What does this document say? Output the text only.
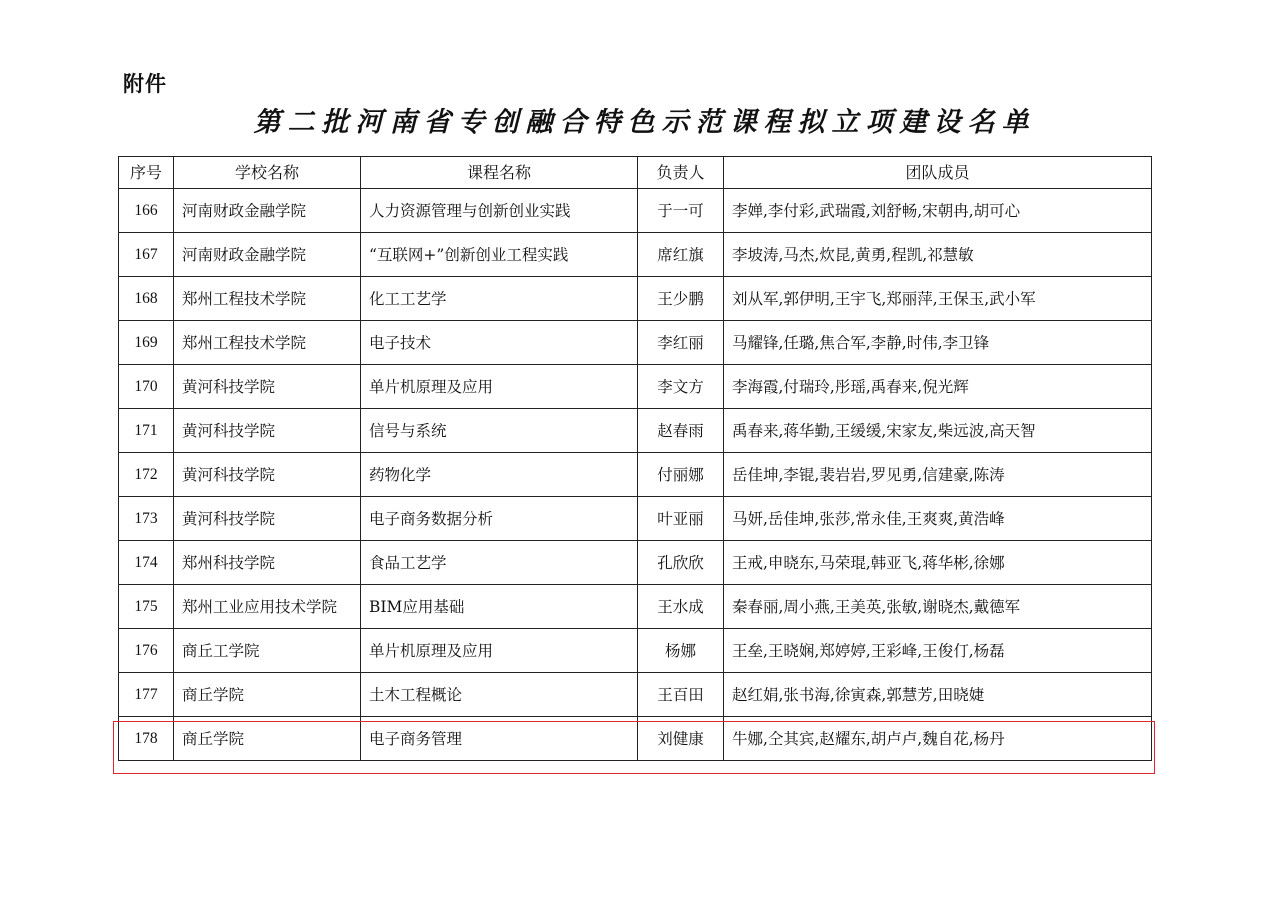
附件
第二批河南省专创融合特色示范课程拟立项建设名单
序号	学校名称	课程名称	负责人	团队成员
166	河南财政金融学院	人力资源管理与创新创业实践	于一可	李婵,李付彩,武瑞霞,刘舒畅,宋朝冉,胡可心
167	河南财政金融学院	“互联网+”创新创业工程实践	席红旗	李坡涛,马杰,炊昆,黄勇,程凯,祁慧敏
168	郑州工程技术学院	化工工艺学	王少鹏	刘从军,郭伊明,王宇飞,郑丽萍,王保玉,武小军
169	郑州工程技术学院	电子技术	李红丽	马耀锋,任璐,焦合军,李静,时伟,李卫锋
170	黄河科技学院	单片机原理及应用	李文方	李海霞,付瑞玲,彤瑶,禹春来,倪光辉
171	黄河科技学院	信号与系统	赵春雨	禹春来,蒋华勤,王缓缓,宋家友,柴远波,高天智
172	黄河科技学院	药物化学	付丽娜	岳佳坤,李锟,裴岩岩,罗见勇,信建豪,陈涛
173	黄河科技学院	电子商务数据分析	叶亚丽	马妍,岳佳坤,张莎,常永佳,王爽爽,黄浩峰
174	郑州科技学院	食品工艺学	孔欣欣	王戒,申晓东,马荣琨,韩亚飞,蒋华彬,徐娜
175	郑州工业应用技术学院	BIM应用基础	王水成	秦春丽,周小燕,王美英,张敏,谢晓杰,戴德军
176	商丘工学院	单片机原理及应用	杨娜	王垒,王晓娴,郑婷婷,王彩峰,王俊仃,杨磊
177	商丘学院	土木工程概论	王百田	赵红娟,张书海,徐寅森,郭慧芳,田晓婕
178	商丘学院	电子商务管理	刘健康	牛娜,仝其宾,赵耀东,胡卢卢,魏自花,杨丹
